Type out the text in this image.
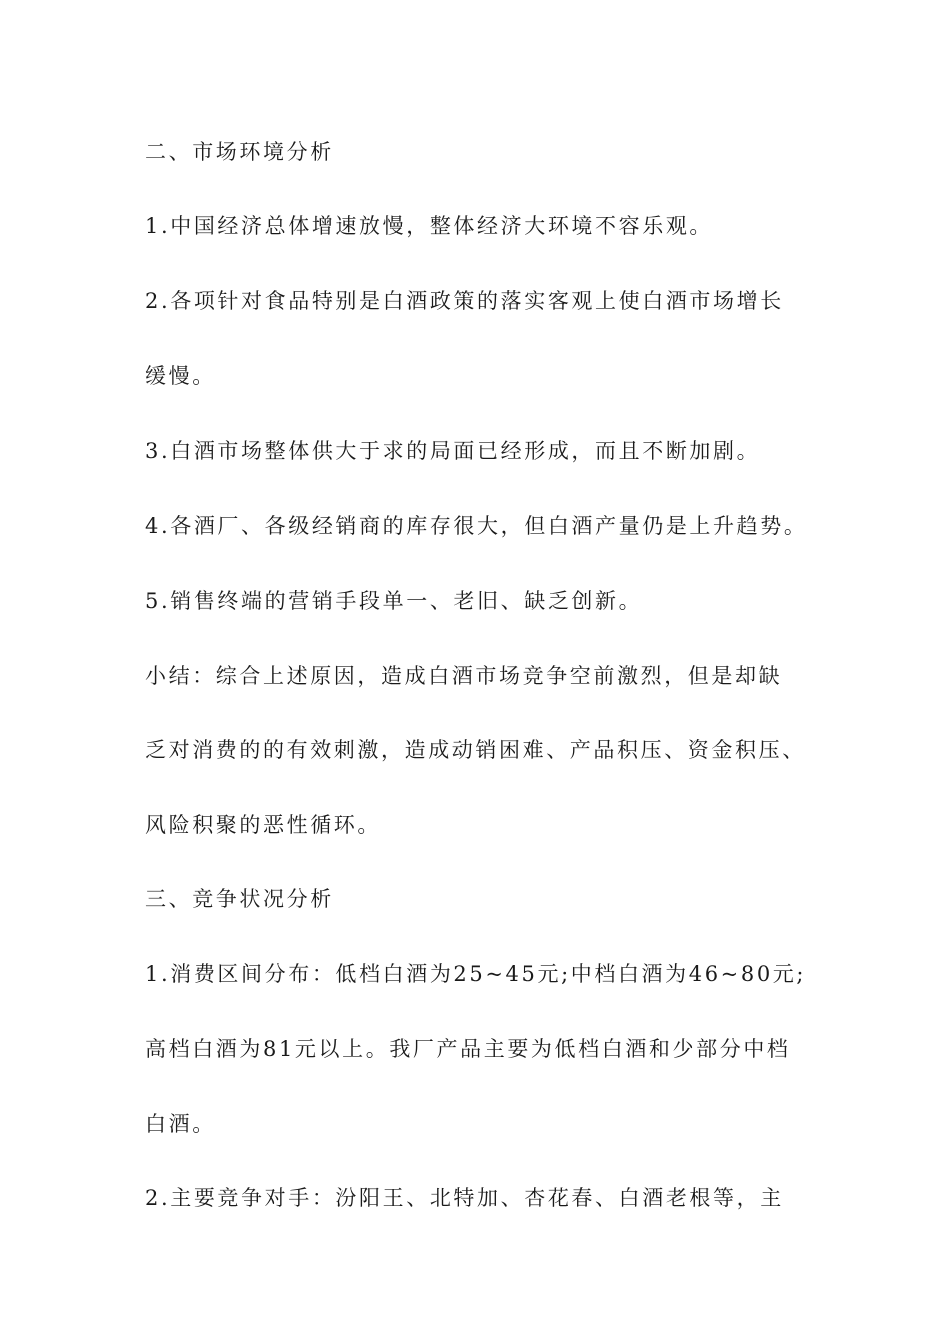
二、市场环境分析
1.中国经济总体增速放慢，整体经济大环境不容乐观。
2.各项针对食品特别是白酒政策的落实客观上使白酒市场增长
缓慢。
3.白酒市场整体供大于求的局面已经形成，而且不断加剧。
4.各酒厂、各级经销商的库存很大，但白酒产量仍是上升趋势。
5.销售终端的营销手段单一、老旧、缺乏创新。
小结：综合上述原因，造成白酒市场竞争空前激烈，但是却缺
乏对消费的的有效刺激，造成动销困难、产品积压、资金积压、
风险积聚的恶性循环。
三、竞争状况分析
1.消费区间分布：低档白酒为25~45元;中档白酒为46~80元;
高档白酒为81元以上。我厂产品主要为低档白酒和少部分中档
白酒。
2.主要竞争对手：汾阳王、北特加、杏花春、白酒老根等，主
